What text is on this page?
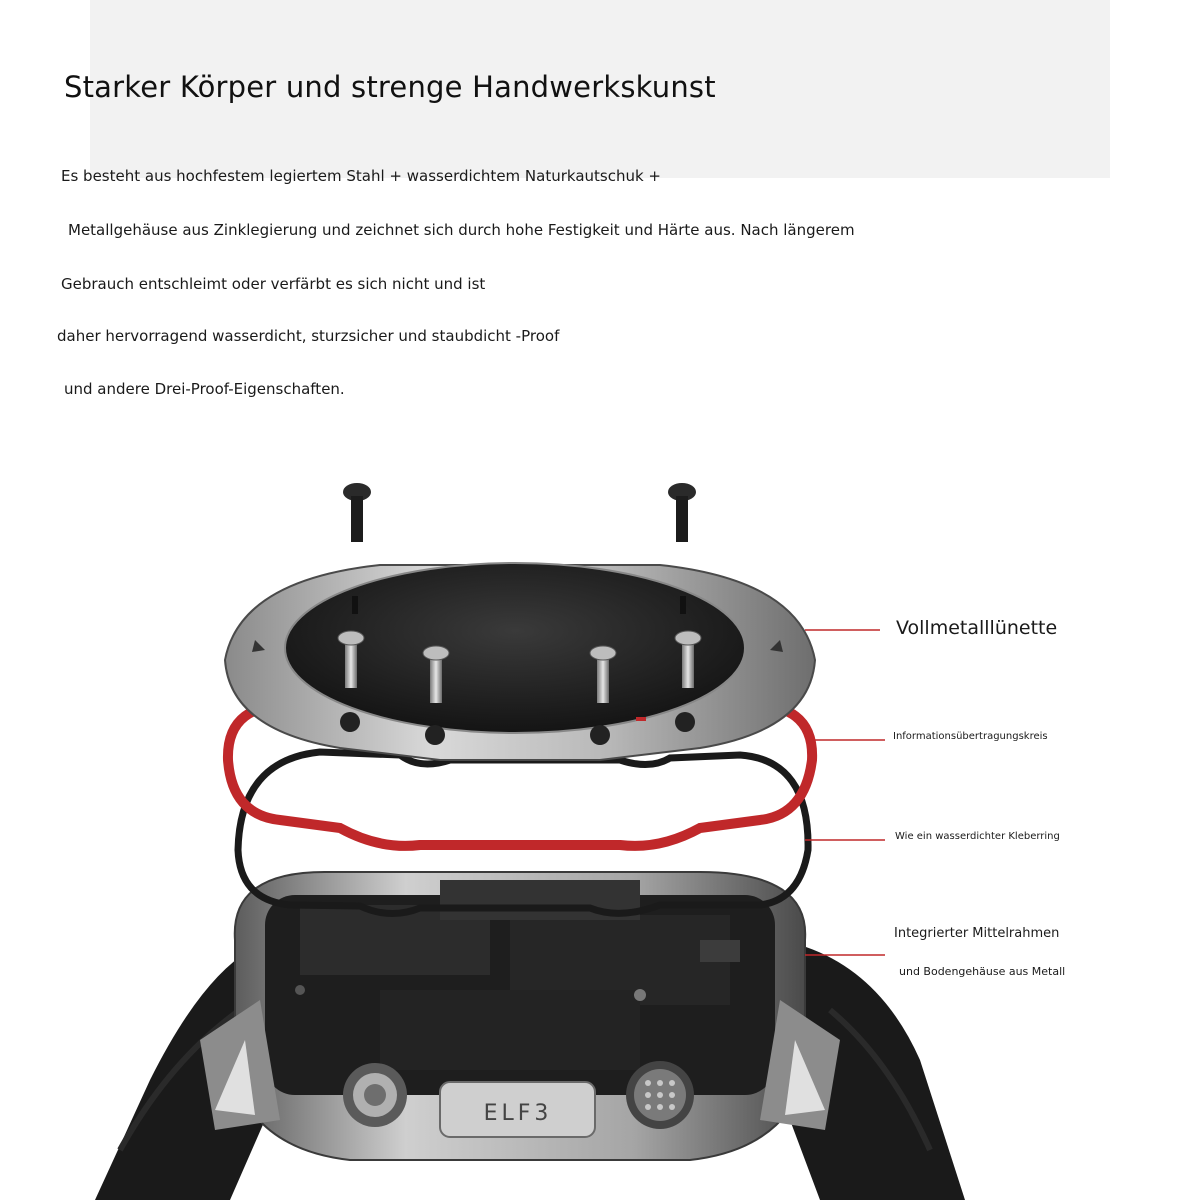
Starker Körper und strenge Handwerkskunst

Es besteht aus hochfestem legiertem Stahl + wasserdichtem Naturkautschuk +

Metallgehäuse aus Zinklegierung und zeichnet sich durch hohe Festigkeit und Härte aus. Nach längerem

Gebrauch entschleimt oder verfärbt es sich nicht und ist

daher hervorragend wasserdicht, sturzsicher und staubdicht -Proof

und andere Drei-Proof-Eigenschaften.

ELF3

Vollmetalllünette

Informationsübertragungskreis

Wie ein wasserdichter Kleberring

Integrierter Mittelrahmen

und Bodengehäuse aus Metall
